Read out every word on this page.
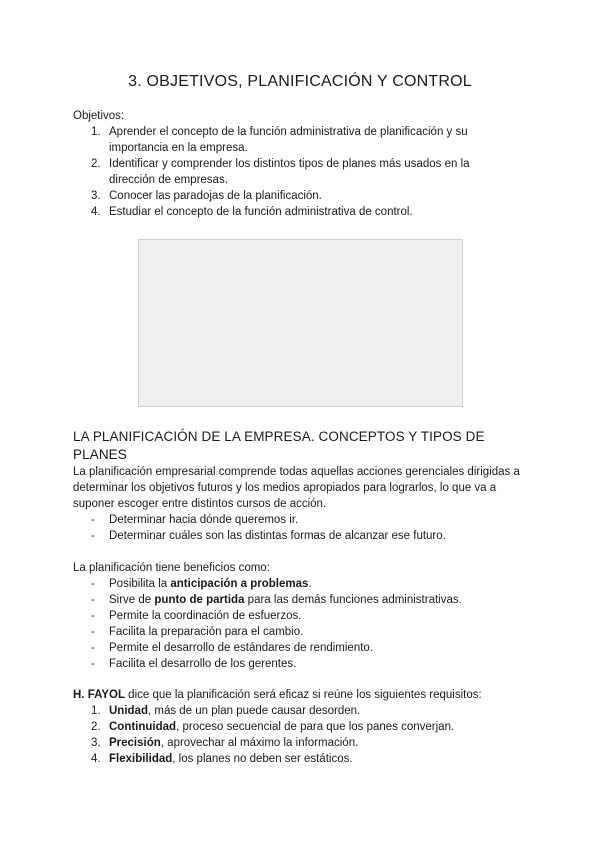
3. OBJETIVOS, PLANIFICACIÓN Y CONTROL
Objetivos:
1. Aprender el concepto de la función administrativa de planificación y su importancia en la empresa.
2. Identificar y comprender los distintos tipos de planes más usados en la dirección de empresas.
3. Conocer las paradojas de la planificación.
4. Estudiar el concepto de la función administrativa de control.
LA PLANIFICACIÓN DE LA EMPRESA. CONCEPTOS Y TIPOS DE
PLANES
La planificación empresarial comprende todas aquellas acciones gerenciales dirigidas a determinar los objetivos futuros y los medios apropiados para lograrlos, lo que va a suponer escoger entre distintos cursos de acción.
- Determinar hacia dónde queremos ir.
- Determinar cuáles son las distintas formas de alcanzar ese futuro.
La planificación tiene beneficios como:
- Posibilita la anticipación a problemas.
- Sirve de punto de partida para las demás funciones administrativas.
- Permite la coordinación de esfuerzos.
- Facilita la preparación para el cambio.
- Permite el desarrollo de estándares de rendimiento.
- Facilita el desarrollo de los gerentes.
H. FAYOL dice que la planificación será eficaz si reúne los siguientes requisitos:
1. Unidad, más de un plan puede causar desorden.
2. Continuidad, proceso secuencial de para que los panes converjan.
3. Precisión, aprovechar al máximo la información.
4. Flexibilidad, los planes no deben ser estáticos.
